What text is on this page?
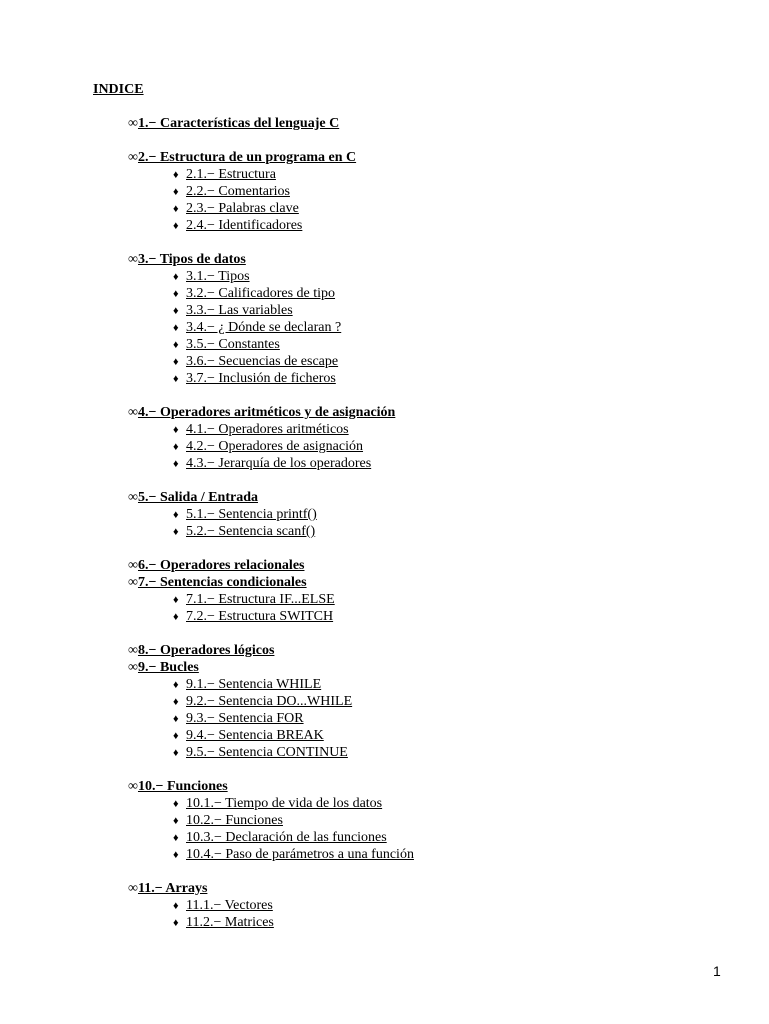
INDICE
∞1.− Características del lenguaje C
∞2.− Estructura de un programa en C
♦ 2.1.− Estructura
♦ 2.2.− Comentarios
♦ 2.3.− Palabras clave
♦ 2.4.− Identificadores
∞3.− Tipos de datos
♦ 3.1.− Tipos
♦ 3.2.− Calificadores de tipo
♦ 3.3.− Las variables
♦ 3.4.− ¿ Dónde se declaran ?
♦ 3.5.− Constantes
♦ 3.6.− Secuencias de escape
♦ 3.7.− Inclusión de ficheros
∞4.− Operadores aritméticos y de asignación
♦ 4.1.− Operadores aritméticos
♦ 4.2.− Operadores de asignación
♦ 4.3.− Jerarquía de los operadores
∞5.− Salida / Entrada
♦ 5.1.− Sentencia printf()
♦ 5.2.− Sentencia scanf()
∞6.− Operadores relacionales
∞7.− Sentencias condicionales
♦ 7.1.− Estructura IF...ELSE
♦ 7.2.− Estructura SWITCH
∞8.− Operadores lógicos
∞9.− Bucles
♦ 9.1.− Sentencia WHILE
♦ 9.2.− Sentencia DO...WHILE
♦ 9.3.− Sentencia FOR
♦ 9.4.− Sentencia BREAK
♦ 9.5.− Sentencia CONTINUE
∞10.− Funciones
♦ 10.1.− Tiempo de vida de los datos
♦ 10.2.− Funciones
♦ 10.3.− Declaración de las funciones
♦ 10.4.− Paso de parámetros a una función
∞11.− Arrays
♦ 11.1.− Vectores
♦ 11.2.− Matrices
1
